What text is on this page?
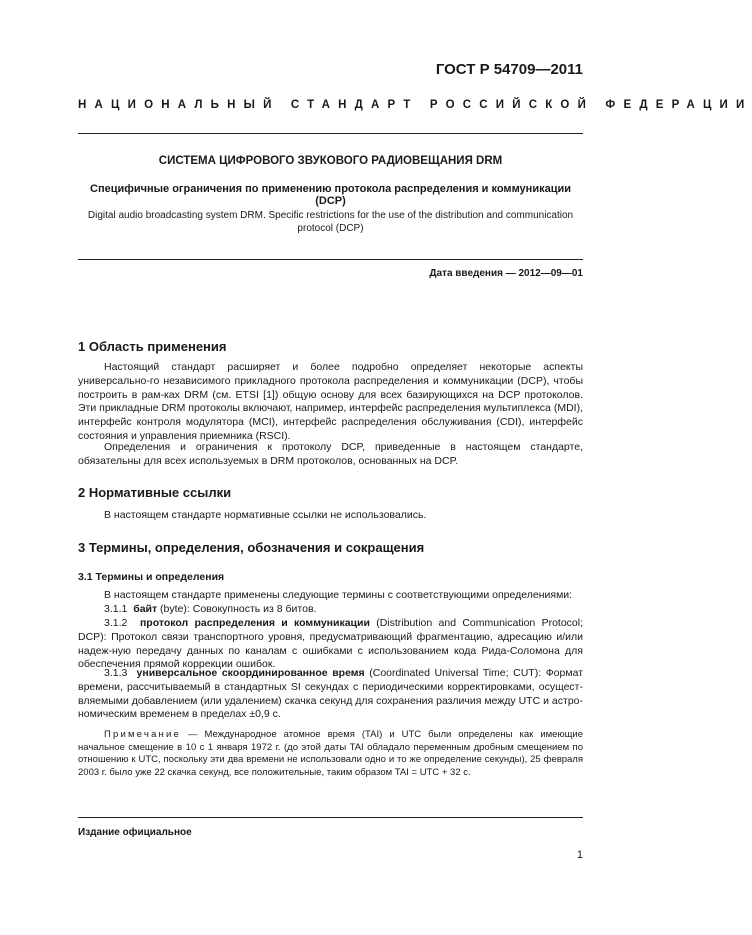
ГОСТ Р 54709—2011
НАЦИОНАЛЬНЫЙ СТАНДАРТ РОССИЙСКОЙ ФЕДЕРАЦИИ
СИСТЕМА ЦИФРОВОГО ЗВУКОВОГО РАДИОВЕЩАНИЯ DRM
Специфичные ограничения по применению протокола распределения и коммуникации (DCP)
Digital audio broadcasting system DRM. Specific restrictions for the use of the distribution and communication protocol (DCP)
Дата введения — 2012—09—01
1 Область применения
Настоящий стандарт расширяет и более подробно определяет некоторые аспекты универсально-го независимого прикладного протокола распределения и коммуникации (DCP), чтобы построить в рам-ках DRM (см. ETSI [1]) общую основу для всех базирующихся на DCP протоколов. Эти прикладные DRM протоколы включают, например, интерфейс распределения мультиплекса (MDI), интерфейс контроля модулятора (MCI), интерфейс распределения обслуживания (CDI), интерфейс состояния и управления приемника (RSCI).
Определения и ограничения к протоколу DCP, приведенные в настоящем стандарте, обязательны для всех используемых в DRM протоколов, основанных на DCP.
2 Нормативные ссылки
В настоящем стандарте нормативные ссылки не использовались.
3 Термины, определения, обозначения и сокращения
3.1 Термины и определения
В настоящем стандарте применены следующие термины с соответствующими определениями:
3.1.1 байт (byte): Совокупность из 8 битов.
3.1.2 протокол распределения и коммуникации (Distribution and Communication Protocol; DCP): Протокол связи транспортного уровня, предусматривающий фрагментацию, адресацию и/или надеж-ную передачу данных по каналам с ошибками с использованием кода Рида-Соломона для обеспечения прямой коррекции ошибок.
3.1.3 универсальное скоординированное время (Coordinated Universal Time; CUT): Формат времени, рассчитываемый в стандартных SI секундах с периодическими корректировками, осущест-вляемыми добавлением (или удалением) скачка секунд для сохранения различия между UTC и астро-номическим временем в пределах ±0,9 с.
Примечание — Международное атомное время (TAI) и UTC были определены как имеющие начальное смещение в 10 с 1 января 1972 г. (до этой даты TAI обладало переменным дробным смещением по отношению к UTC, поскольку эти два времени не использовали одно и то же определение секунды), 25 февраля 2003 г. было уже 22 скачка секунд, все положительные, таким образом TAI = UTC + 32 с.
Издание официальное
1
